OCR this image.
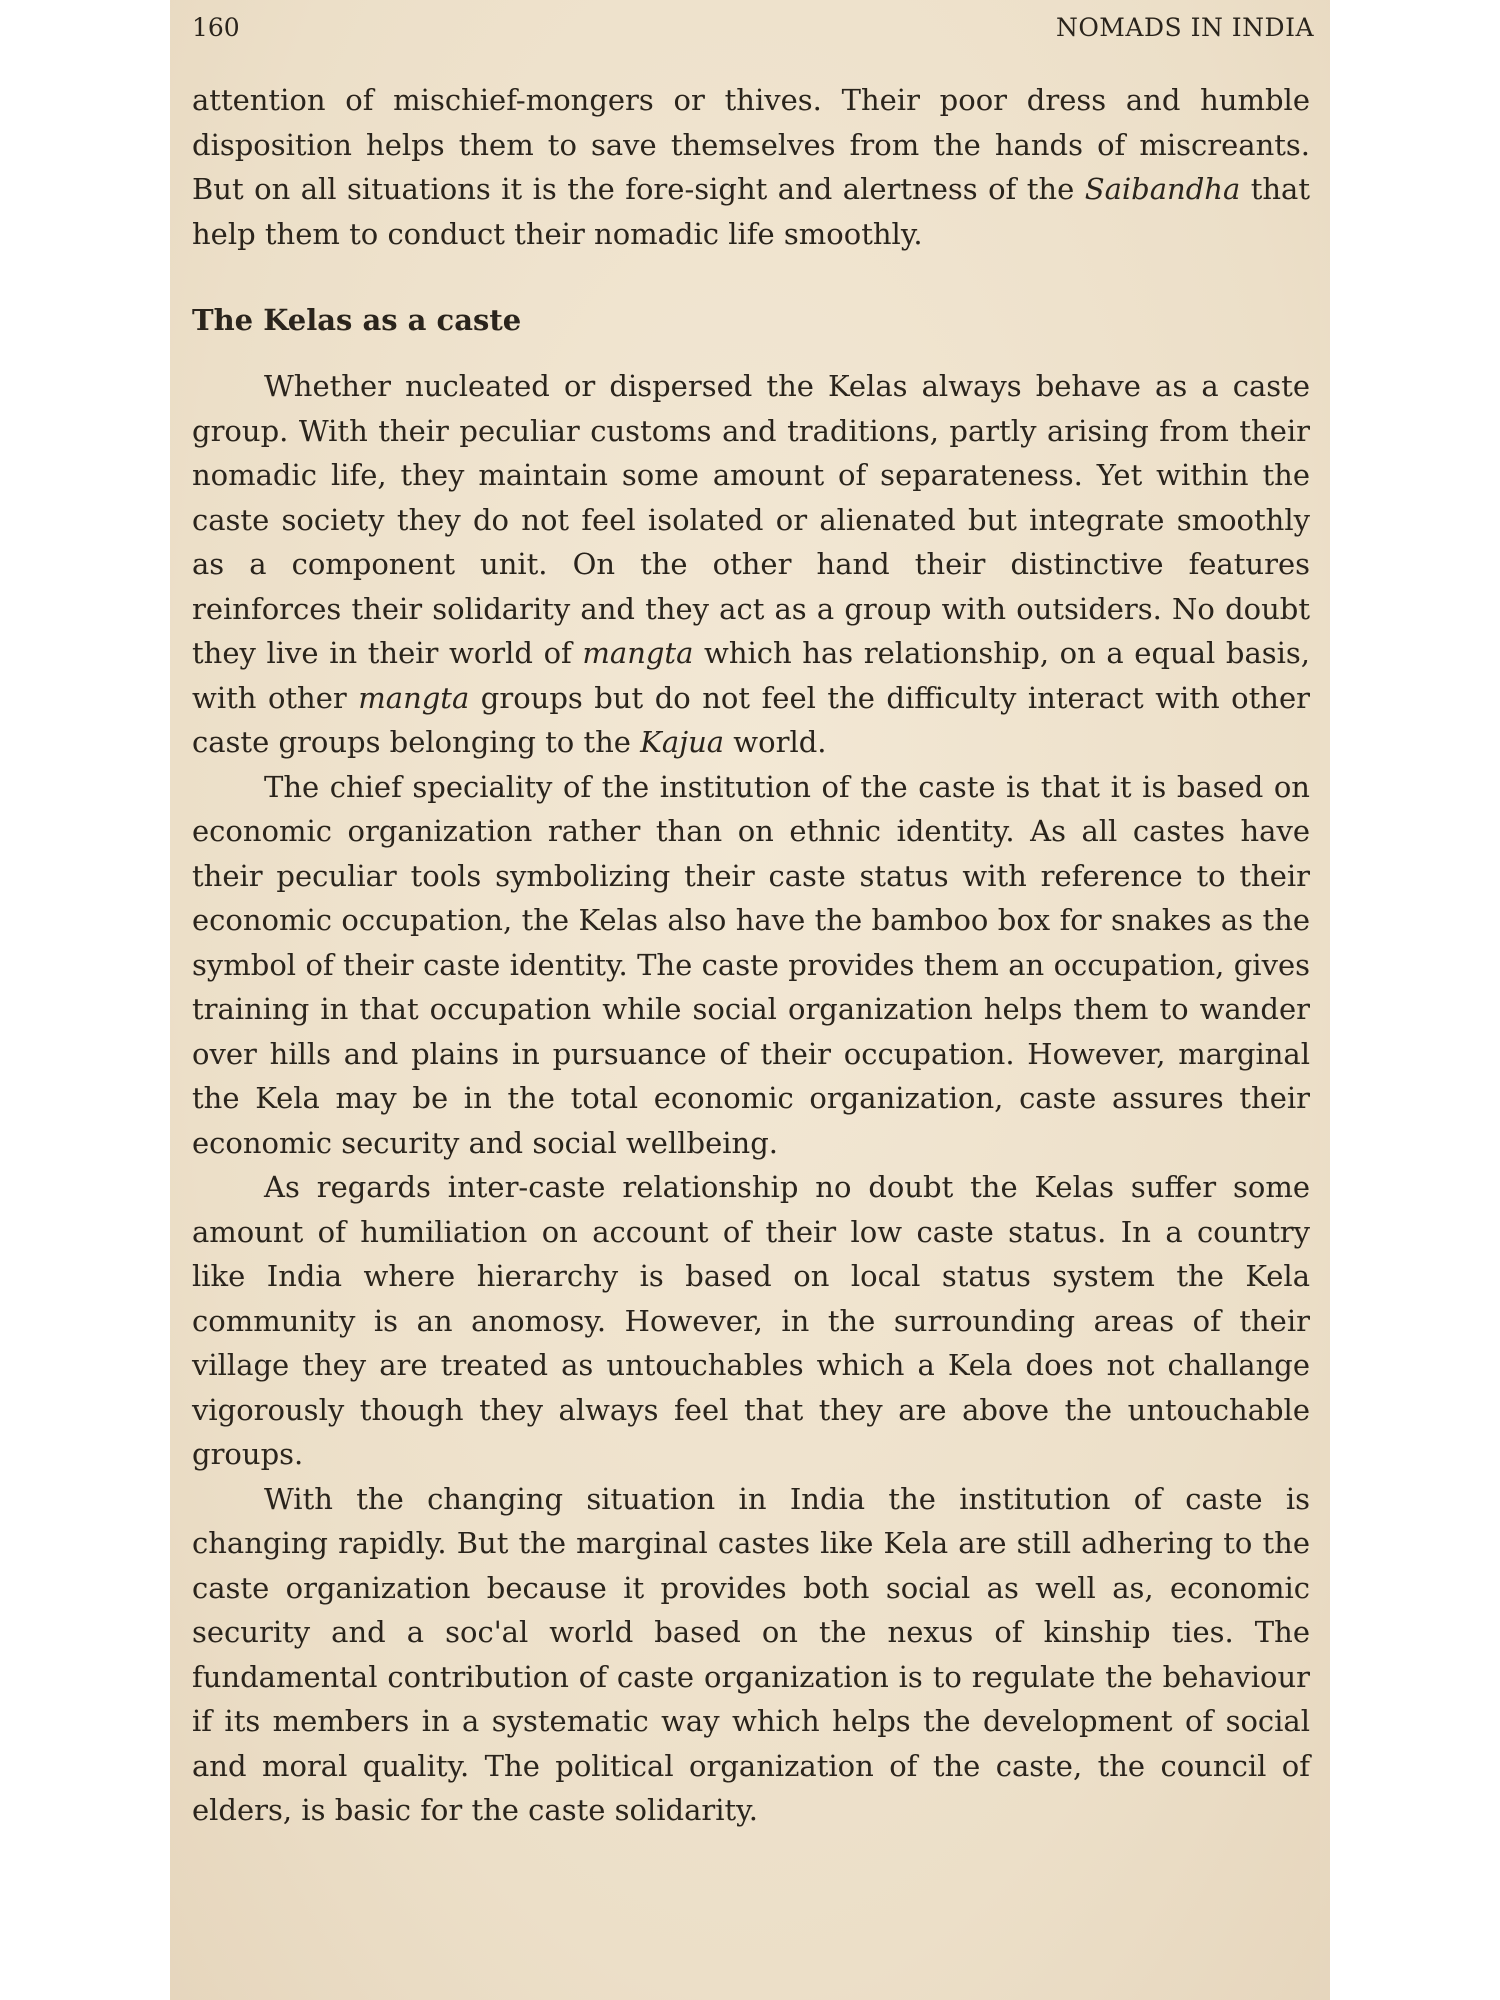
160	NOMADS IN INDIA

attention of mischief-mongers or thives. Their poor dress and humble disposition helps them to save themselves from the hands of miscreants. But on all situations it is the fore-sight and alertness of the Saibandha that help them to conduct their nomadic life smoothly.

The Kelas as a caste

Whether nucleated or dispersed the Kelas always behave as a caste group. With their peculiar customs and traditions, partly arising from their nomadic life, they maintain some amount of separateness. Yet within the caste society they do not feel isolated or alienated but integrate smoothly as a component unit. On the other hand their distinctive features reinforces their solidarity and they act as a group with outsiders. No doubt they live in their world of mangta which has relationship, on a equal basis, with other mangta groups but do not feel the difficulty interact with other caste groups belonging to the Kajua world.

The chief speciality of the institution of the caste is that it is based on economic organization rather than on ethnic identity. As all castes have their peculiar tools symbolizing their caste status with reference to their economic occupation, the Kelas also have the bamboo box for snakes as the symbol of their caste identity. The caste provides them an occupation, gives training in that occupation while social organization helps them to wander over hills and plains in pursuance of their occupation. However, marginal the Kela may be in the total economic organization, caste assures their economic security and social wellbeing.

As regards inter-caste relationship no doubt the Kelas suffer some amount of humiliation on account of their low caste status. In a country like India where hierarchy is based on local status system the Kela community is an anomosy. However, in the surrounding areas of their village they are treated as untouchables which a Kela does not challange vigorously though they always feel that they are above the untouchable groups.

With the changing situation in India the institution of caste is changing rapidly. But the marginal castes like Kela are still adhering to the caste organization because it provides both social as well as, economic security and a soc'al world based on the nexus of kinship ties. The fundamental contribution of caste organization is to regulate the behaviour if its members in a systematic way which helps the development of social and moral quality. The political organization of the caste, the council of elders, is basic for the caste solidarity.
